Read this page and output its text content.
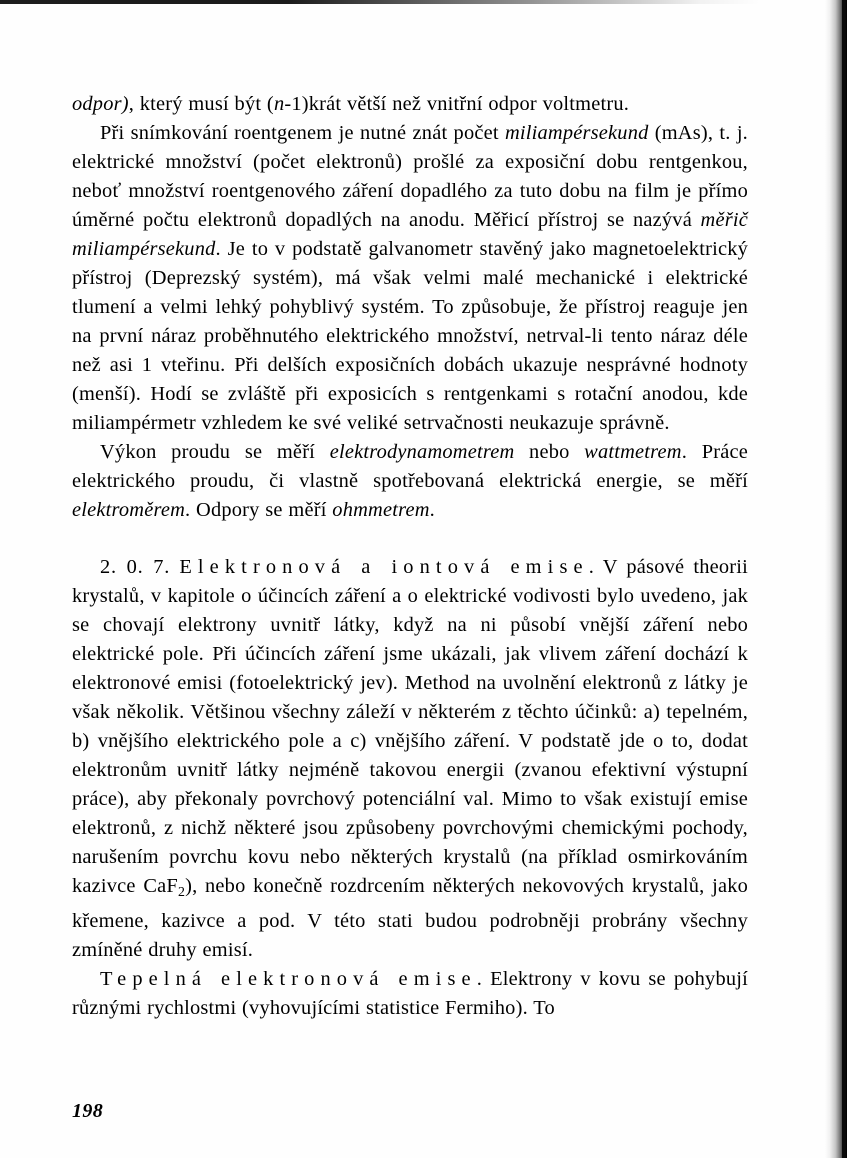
odpor), který musí být (n-1)krát větší než vnitřní odpor voltmetru.

Při snímkování roentgenem je nutné znát počet miliampérsekund (mAs), t. j. elektrické množství (počet elektronů) prošlé za exposiční dobu rentgenkou, neboť množství roentgenového záření dopadlého za tuto dobu na film je přímo úměrné počtu elektronů dopadlých na anodu. Měřicí přístroj se nazývá měřič miliampérsekund. Je to v podstatě galvanometr stavěný jako magnetoelektrický přístroj (Deprezský systém), má však velmi malé mechanické i elektrické tlumení a velmi lehký pohyblivý systém. To způsobuje, že přístroj reaguje jen na první náraz proběhnutého elektrického množství, netrval-li tento náraz déle než asi 1 vteřinu. Při delších exposičních dobách ukazuje nesprávné hodnoty (menší). Hodí se zvláště při exposicích s rentgenkami s rotační anodou, kde miliampérmetr vzhledem ke své veliké setrvačnosti neukazuje správně.

Výkon proudu se měří elektrodynamometrem nebo wattmetrem. Práce elektrického proudu, či vlastně spotřebovaná elektrická energie, se měří elektroměrem. Odpory se měří ohmmetrem.

2. 0. 7. Elektronová a iontová emise. V pásové theorii krystalů, v kapitole o účincích záření a o elektrické vodivosti bylo uvedeno, jak se chovají elektrony uvnitř látky, když na ni působí vnější záření nebo elektrické pole. Při účincích záření jsme ukázali, jak vlivem záření dochází k elektronové emisi (fotoelektrický jev). Method na uvolnění elektronů z látky je však několik. Většinou všechny záleží v některém z těchto účinků: a) tepelném, b) vnějšího elektrického pole a c) vnějšího záření. V podstatě jde o to, dodat elektronům uvnitř látky nejméně takovou energii (zvanou efektivní výstupní práce), aby překonaly povrchový potenciální val. Mimo to však existují emise elektronů, z nichž některé jsou způsobeny povrchovými chemickými pochody, narušením povrchu kovu nebo některých krystalů (na příklad osmirkováním kazivce CaF$_2$), nebo konečně rozdrcením některých nekovových krystalů, jako křemene, kazivce a pod. V této stati budou podrobněji probrány všechny zmíněné druhy emisí.

Tepelná elektronová emise. Elektrony v kovu se pohybují různými rychlostmi (vyhovujícími statistice Fermiho). To

198
